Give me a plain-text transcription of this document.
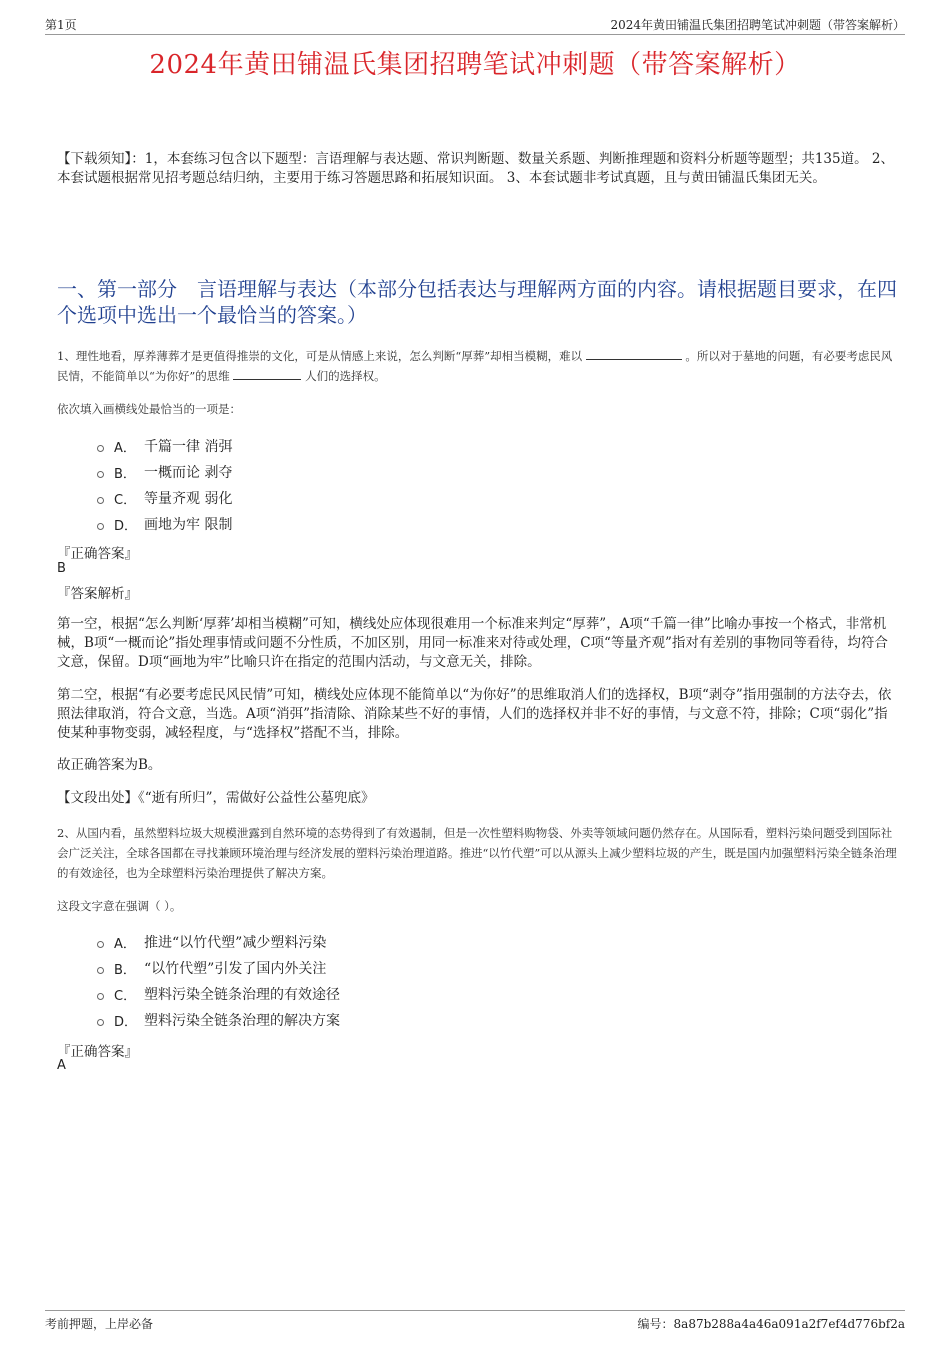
第1页	2024年黄田铺温氏集团招聘笔试冲刺题（带答案解析）
2024年黄田铺温氏集团招聘笔试冲刺题（带答案解析）
【下载须知】：1，本套练习包含以下题型：言语理解与表达题、常识判断题、数量关系题、判断推理题和资料分析题等题型；共135道。 2、本套试题根据常见招考题总结归纳，主要用于练习答题思路和拓展知识面。 3、本套试题非考试真题，且与黄田铺温氏集团无关。
一、第一部分　言语理解与表达（本部分包括表达与理解两方面的内容。请根据题目要求，在四个选项中选出一个最恰当的答案。）
1、理性地看，厚养薄葬才是更值得推崇的文化，可是从情感上来说，怎么判断“厚葬”却相当模糊，难以	。所以对于墓地的问题，有必要考虑民风民情，不能简单以“为你好”的思维	人们的选择权。
依次填入画横线处最恰当的一项是：
A． 千篇一律 消弭
B． 一概而论 剥夺
C． 等量齐观 弱化
D． 画地为牢 限制
『正确答案』
B
『答案解析』
第一空，根据“怎么判断‘厚葬’却相当模糊”可知，横线处应体现很难用一个标准来判定“厚葬”，A项“千篇一律”比喻办事按一个格式，非常机械，B项“一概而论”指处理事情或问题不分性质，不加区别，用同一标准来对待或处理，C项“等量齐观”指对有差别的事物同等看待，均符合文意，保留。D项“画地为牢”比喻只许在指定的范围内活动，与文意无关，排除。
第二空，根据“有必要考虑民风民情”可知，横线处应体现不能简单以“为你好”的思维取消人们的选择权，B项“剥夺”指用强制的方法夺去，依照法律取消，符合文意，当选。A项“消弭”指清除、消除某些不好的事情，人们的选择权并非不好的事情，与文意不符，排除；C项“弱化”指使某种事物变弱，减轻程度，与“选择权”搭配不当，排除。
故正确答案为B。
【文段出处】《“逝有所归”，需做好公益性公墓兜底》
2、从国内看，虽然塑料垃圾大规模泄露到自然环境的态势得到了有效遏制，但是一次性塑料购物袋、外卖等领域问题仍然存在。从国际看，塑料污染问题受到国际社会广泛关注，全球各国都在寻找兼顾环境治理与经济发展的塑料污染治理道路。推进“以竹代塑”可以从源头上减少塑料垃圾的产生，既是国内加强塑料污染全链条治理的有效途径，也为全球塑料污染治理提供了解决方案。
这段文字意在强调（ ）。
A． 推进“以竹代塑”减少塑料污染
B． “以竹代塑”引发了国内外关注
C． 塑料污染全链条治理的有效途径
D． 塑料污染全链条治理的解决方案
『正确答案』
A
考前押题，上岸必备	编号：8a87b288a4a46a091a2f7ef4d776bf2a
